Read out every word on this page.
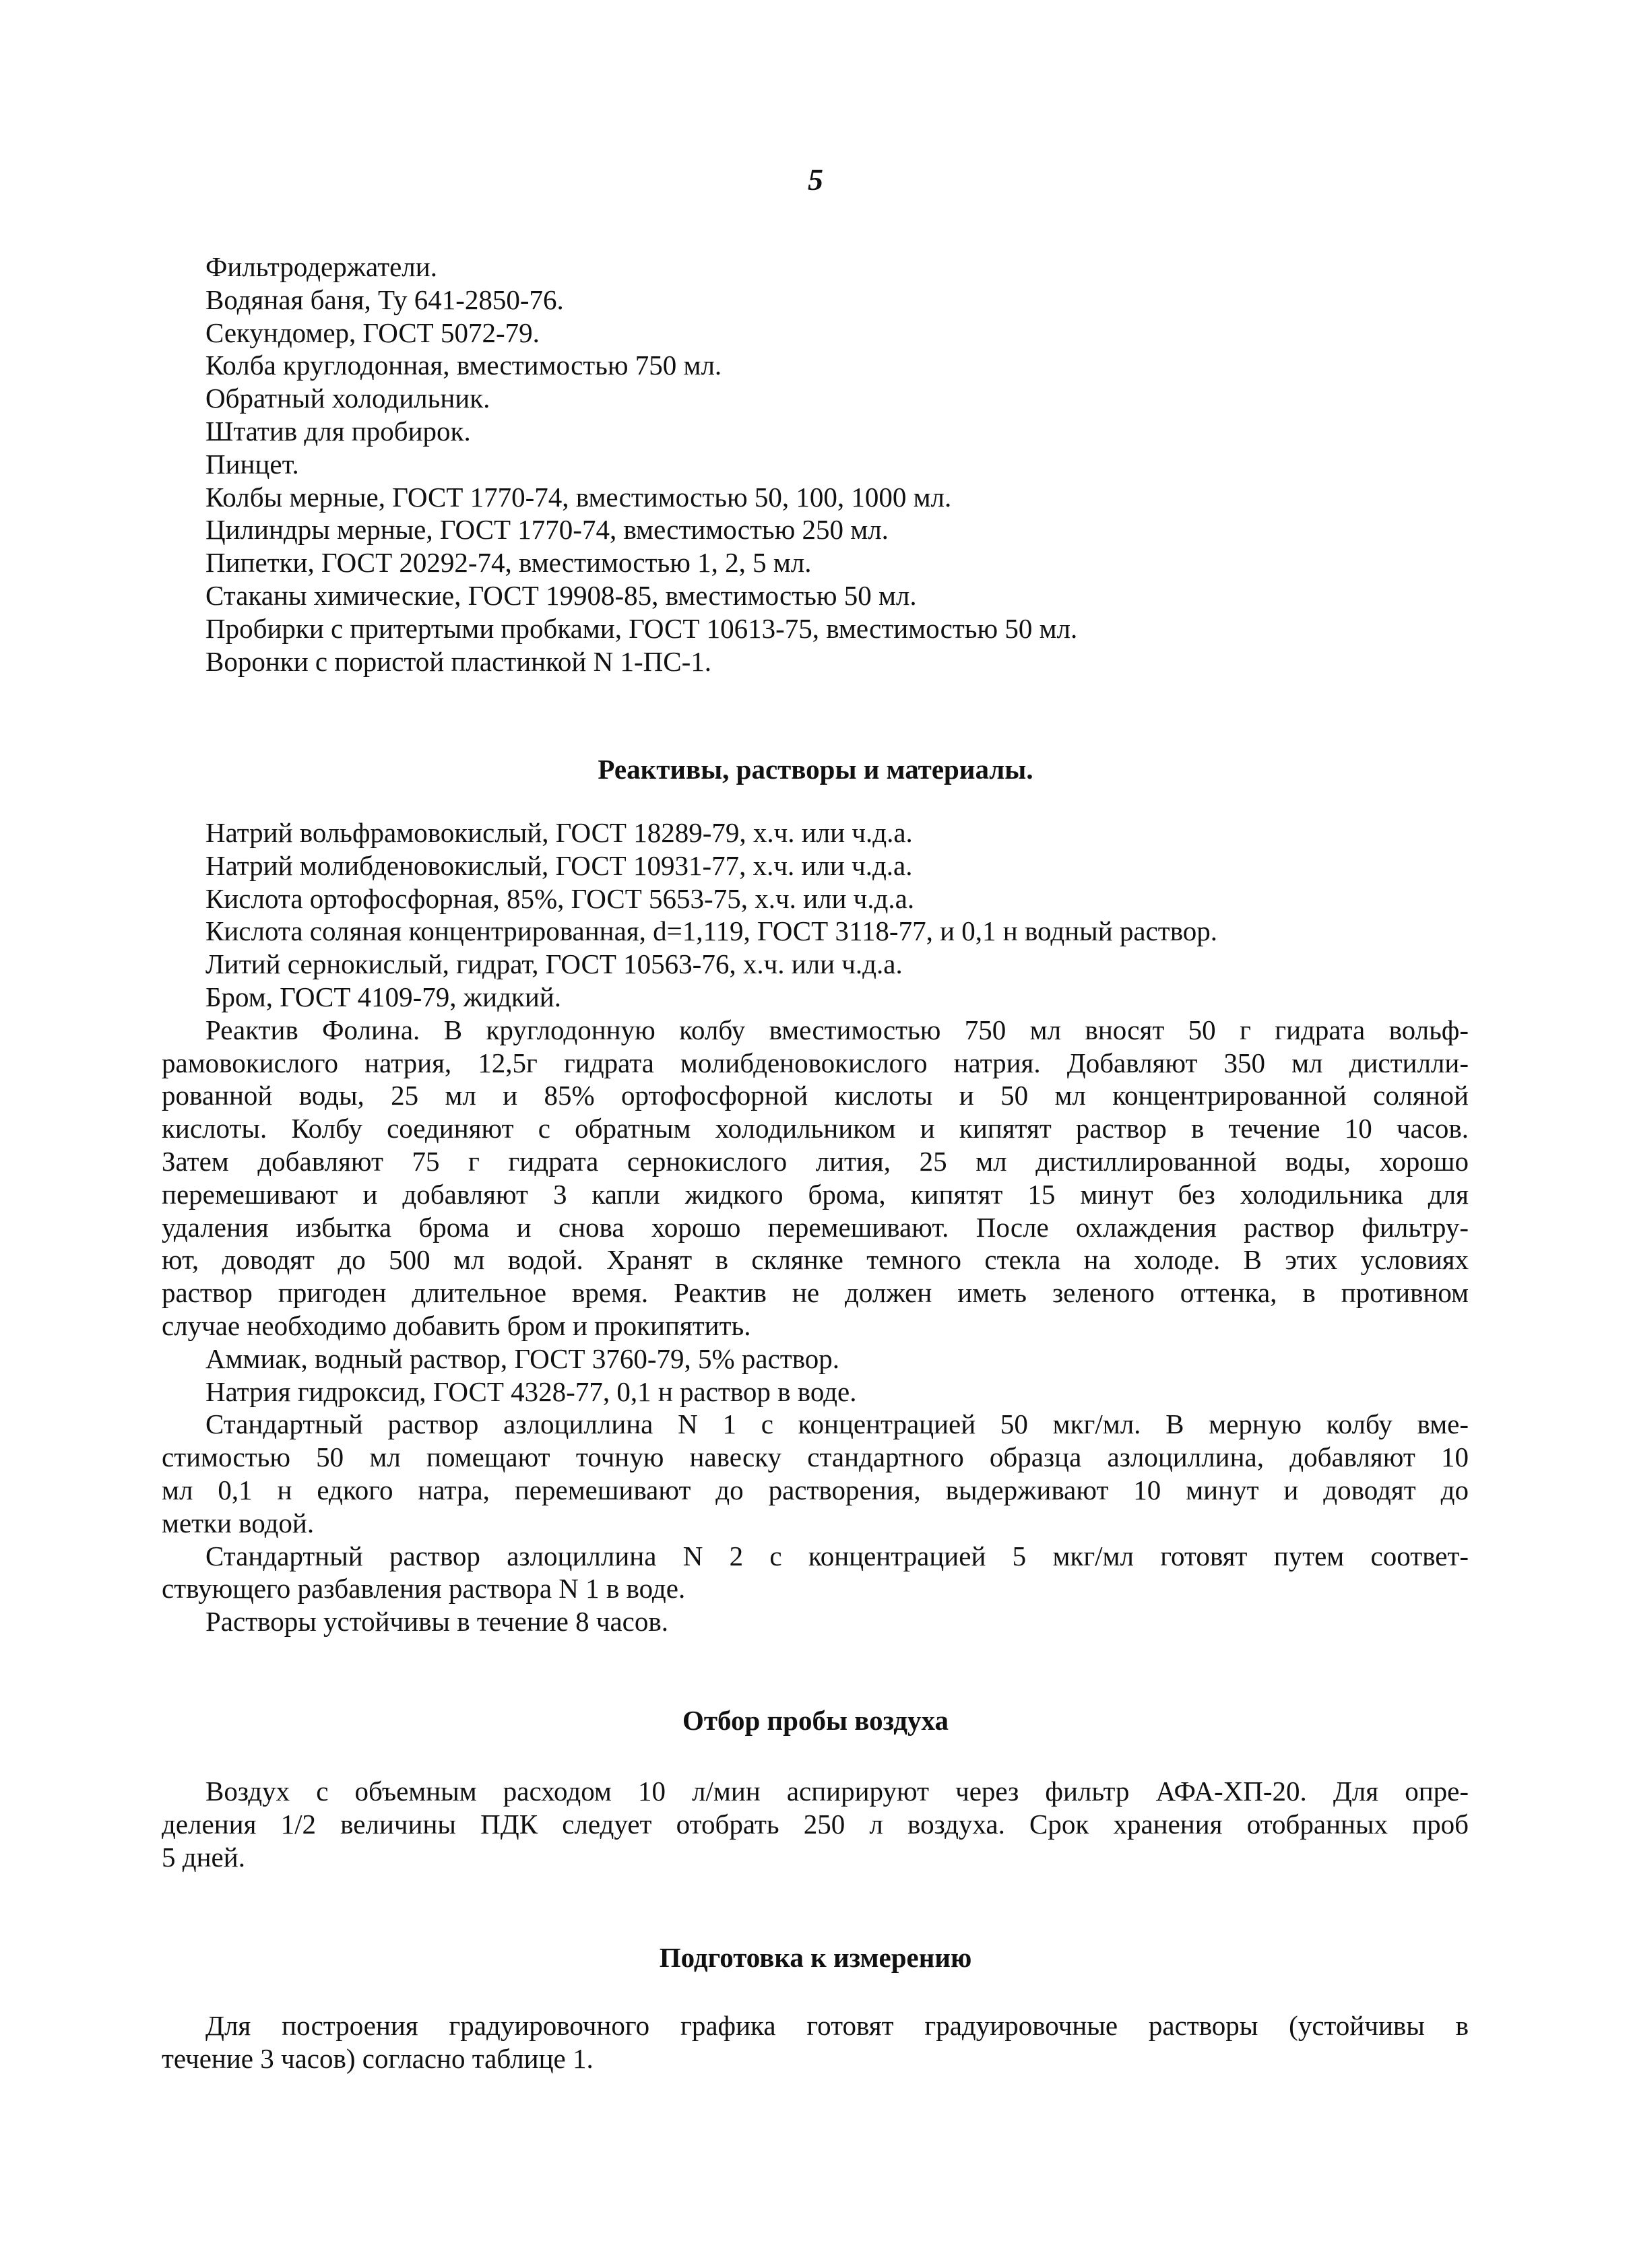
5
Фильтродержатели.
Водяная баня, Ту 641-2850-76.
Секундомер, ГОСТ 5072-79.
Колба круглодонная, вместимостью 750 мл.
Обратный холодильник.
Штатив для пробирок.
Пинцет.
Колбы мерные, ГОСТ 1770-74, вместимостью 50, 100, 1000 мл.
Цилиндры мерные, ГОСТ 1770-74, вместимостью 250 мл.
Пипетки, ГОСТ 20292-74, вместимостью 1, 2, 5 мл.
Стаканы химические, ГОСТ 19908-85, вместимостью 50 мл.
Пробирки с притертыми пробками, ГОСТ 10613-75, вместимостью 50 мл.
Воронки с пористой пластинкой N 1-ПС-1.
Реактивы, растворы и материалы.
Натрий вольфрамовокислый, ГОСТ 18289-79, х.ч. или ч.д.а.
Натрий молибденовокислый, ГОСТ 10931-77, х.ч. или ч.д.а.
Кислота ортофосфорная, 85%, ГОСТ 5653-75, х.ч. или ч.д.а.
Кислота соляная концентрированная, d=1,119, ГОСТ 3118-77, и 0,1 н водный раствор.
Литий сернокислый, гидрат, ГОСТ 10563-76, х.ч. или ч.д.а.
Бром, ГОСТ 4109-79, жидкий.
Реактив Фолина. В круглодонную колбу вместимостью 750 мл вносят 50 г гидрата вольф-
рамовокислого натрия, 12,5г гидрата молибденовокислого натрия. Добавляют 350 мл дистилли-
рованной воды, 25 мл и 85% ортофосфорной кислоты и 50 мл концентрированной соляной
кислоты. Колбу соединяют с обратным холодильником и кипятят раствор в течение 10 часов.
Затем добавляют 75 г гидрата сернокислого лития, 25 мл дистиллированной воды, хорошо
перемешивают и добавляют 3 капли жидкого брома, кипятят 15 минут без холодильника для
удаления избытка брома и снова хорошо перемешивают. После охлаждения раствор фильтру-
ют, доводят до 500 мл водой. Хранят в склянке темного стекла на холоде. В этих условиях
раствор пригоден длительное время. Реактив не должен иметь зеленого оттенка, в противном
случае необходимо добавить бром и прокипятить.
Аммиак, водный раствор, ГОСТ 3760-79, 5% раствор.
Натрия гидроксид, ГОСТ 4328-77, 0,1 н раствор в воде.
Стандартный раствор азлоциллина N 1 с концентрацией 50 мкг/мл. В мерную колбу вме-
стимостью 50 мл помещают точную навеску стандартного образца азлоциллина, добавляют 10
мл 0,1 н едкого натра, перемешивают до растворения, выдерживают 10 минут и доводят до
метки водой.
Стандартный раствор азлоциллина N 2 с концентрацией 5 мкг/мл готовят путем соответ-
ствующего разбавления раствора N 1 в воде.
Растворы устойчивы в течение 8 часов.
Отбор пробы воздуха
Воздух с объемным расходом 10 л/мин аспирируют через фильтр АФА-ХП-20. Для опре-
деления 1/2 величины ПДК следует отобрать 250 л воздуха. Срок хранения отобранных проб
5 дней.
Подготовка к измерению
Для построения градуировочного графика готовят градуировочные растворы (устойчивы в
течение 3 часов) согласно таблице 1.
